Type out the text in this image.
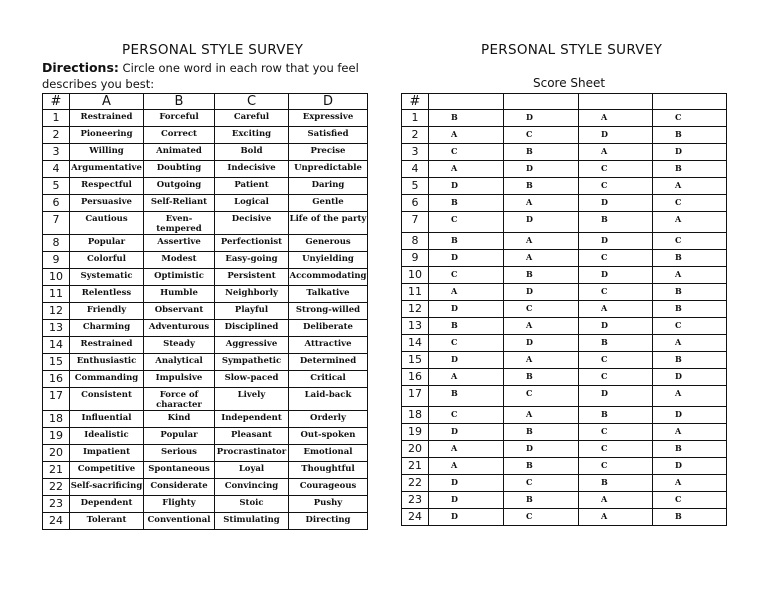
PERSONAL STYLE SURVEY	PERSONAL STYLE SURVEY
Directions: Circle one word in each row that you feel describes you best:	Score Sheet
#	A	B	C	D
1	Restrained	Forceful	Careful	Expressive
2	Pioneering	Correct	Exciting	Satisfied
3	Willing	Animated	Bold	Precise
4	Argumentative	Doubting	Indecisive	Unpredictable
5	Respectful	Outgoing	Patient	Daring
6	Persuasive	Self-Reliant	Logical	Gentle
7	Cautious	Even-tempered	Decisive	Life of the party
8	Popular	Assertive	Perfectionist	Generous
9	Colorful	Modest	Easy-going	Unyielding
10	Systematic	Optimistic	Persistent	Accommodating
11	Relentless	Humble	Neighborly	Talkative
12	Friendly	Observant	Playful	Strong-willed
13	Charming	Adventurous	Disciplined	Deliberate
14	Restrained	Steady	Aggressive	Attractive
15	Enthusiastic	Analytical	Sympathetic	Determined
16	Commanding	Impulsive	Slow-paced	Critical
17	Consistent	Force of character	Lively	Laid-back
18	Influential	Kind	Independent	Orderly
19	Idealistic	Popular	Pleasant	Out-spoken
20	Impatient	Serious	Procrastinator	Emotional
21	Competitive	Spontaneous	Loyal	Thoughtful
22	Self-sacrificing	Considerate	Convincing	Courageous
23	Dependent	Flighty	Stoic	Pushy
24	Tolerant	Conventional	Stimulating	Directing
#				
1	B	D	A	C
2	A	C	D	B
3	C	B	A	D
4	A	D	C	B
5	D	B	C	A
6	B	A	D	C
7	C	D	B	A
8	B	A	D	C
9	D	A	C	B
10	C	B	D	A
11	A	D	C	B
12	D	C	A	B
13	B	A	D	C
14	C	D	B	A
15	D	A	C	B
16	A	B	C	D
17	B	C	D	A
18	C	A	B	D
19	D	B	C	A
20	A	D	C	B
21	A	B	C	D
22	D	C	B	A
23	D	B	A	C
24	D	C	A	B
